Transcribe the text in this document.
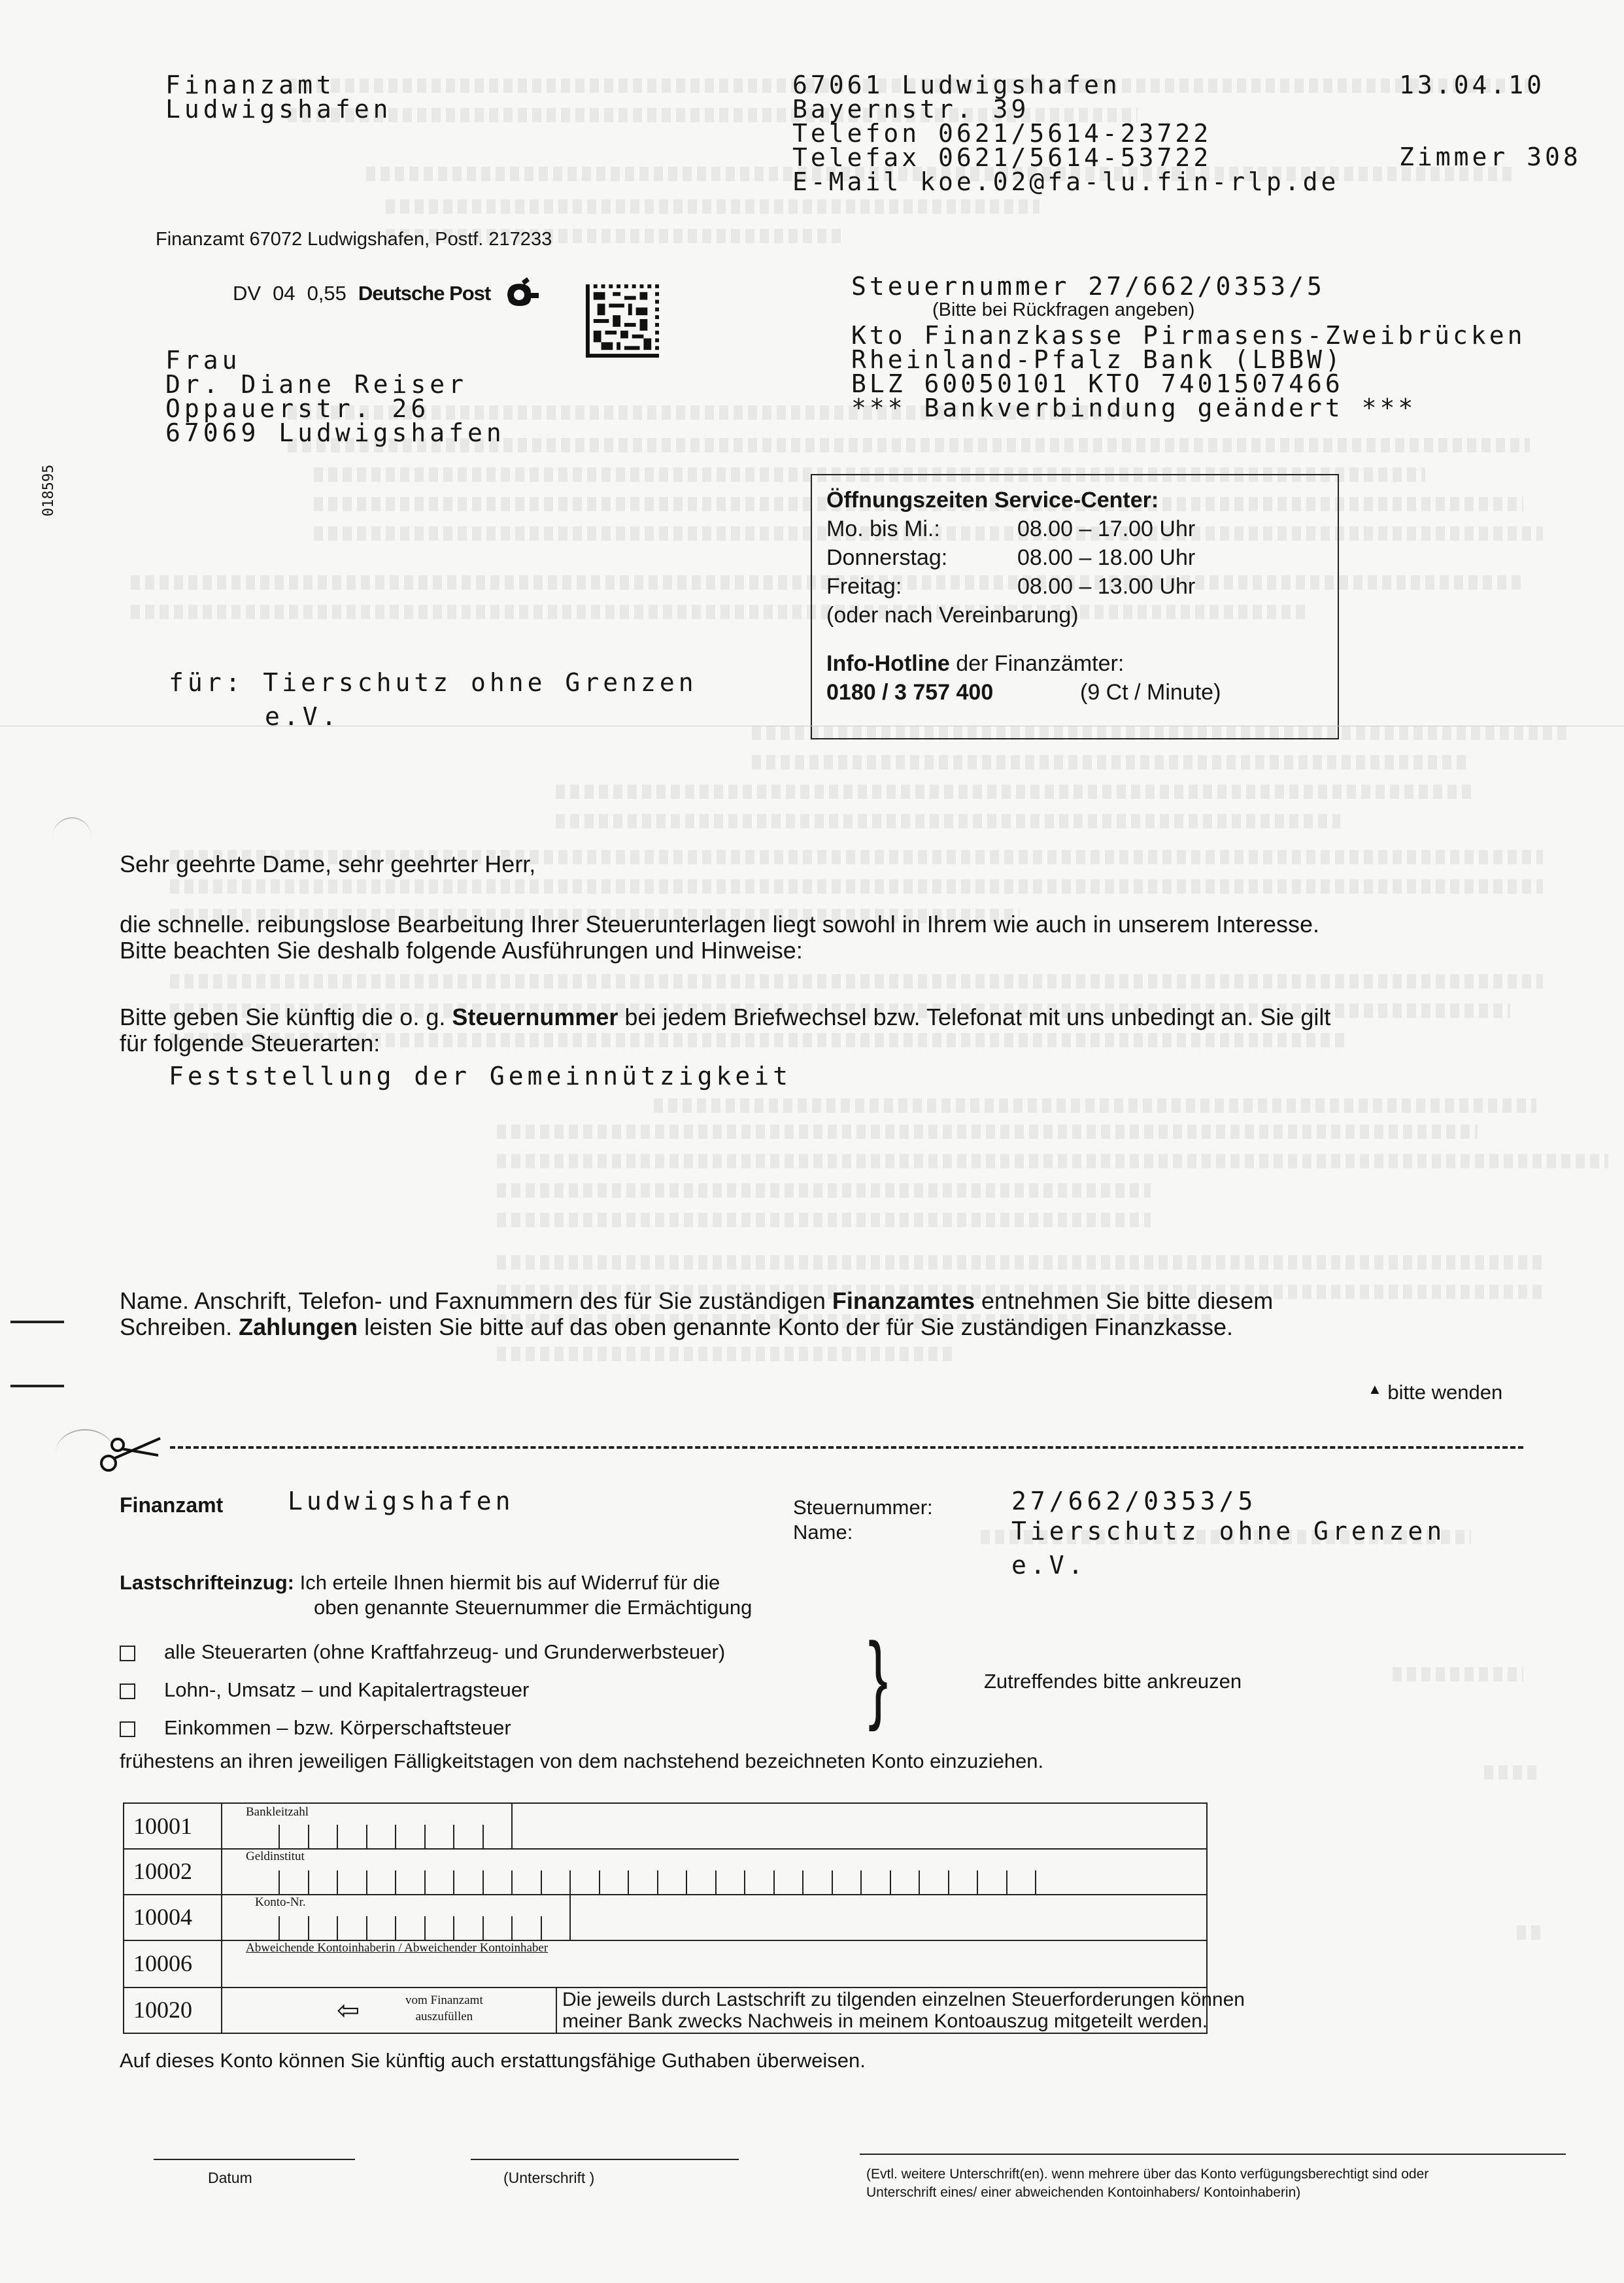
Finanzamt
Ludwigshafen
67061 Ludwigshafen
Bayernstr. 39
Telefon 0621/5614-23722
Telefax 0621/5614-53722
E-Mail koe.02@fa-lu.fin-rlp.de
13.04.10
Zimmer 308
Finanzamt 67072 Ludwigshafen, Postf. 217233
DV 04 0,55 Deutsche Post
018595
Frau
Dr. Diane Reiser
Oppauerstr. 26
67069 Ludwigshafen
Steuernummer 27/662/0353/5
(Bitte bei Rückfragen angeben)
Kto Finanzkasse Pirmasens-Zweibrücken
Rheinland-Pfalz Bank (LBBW)
BLZ 60050101 KTO 7401507466
*** Bankverbindung geändert ***
Öffnungszeiten Service-Center:
Mo. bis Mi.:	08.00 – 17.00 Uhr
Donnerstag:	08.00 – 18.00 Uhr
Freitag:	08.00 – 13.00 Uhr
(oder nach Vereinbarung)
Info-Hotline der Finanzämter:
0180 / 3 757 400	(9 Ct / Minute)
für: Tierschutz ohne Grenzen
e.V.
Sehr geehrte Dame, sehr geehrter Herr,
die schnelle. reibungslose Bearbeitung Ihrer Steuerunterlagen liegt sowohl in Ihrem wie auch in unserem Interesse.
Bitte beachten Sie deshalb folgende Ausführungen und Hinweise:
Bitte geben Sie künftig die o. g. Steuernummer bei jedem Briefwechsel bzw. Telefonat mit uns unbedingt an. Sie gilt
für folgende Steuerarten:
Feststellung der Gemeinnützigkeit
Name. Anschrift, Telefon- und Faxnummern des für Sie zuständigen Finanzamtes entnehmen Sie bitte diesem
Schreiben. Zahlungen leisten Sie bitte auf das oben genannte Konto der für Sie zuständigen Finanzkasse.
▲ bitte wenden
Finanzamt	Ludwigshafen	Steuernummer:
Name:
27/662/0353/5
Tierschutz ohne Grenzen
e.V.
Lastschrifteinzug: Ich erteile Ihnen hiermit bis auf Widerruf für die
oben genannte Steuernummer die Ermächtigung
alle Steuerarten (ohne Kraftfahrzeug- und Grunderwerbsteuer)
Lohn-, Umsatz – und Kapitalertragsteuer
Einkommen – bzw. Körperschaftsteuer	}	Zutreffendes bitte ankreuzen
frühestens an ihren jeweiligen Fälligkeitstagen von dem nachstehend bezeichneten Konto einzuziehen.
10001
Bankleitzahl
10002
Geldinstitut
10004
Konto-Nr.
10006
Abweichende Kontoinhaberin / Abweichender Kontoinhaber
10020	⇦	vom Finanzamt
auszufüllen
Die jeweils durch Lastschrift zu tilgenden einzelnen Steuerforderungen können
meiner Bank zwecks Nachweis in meinem Kontoauszug mitgeteilt werden.
Auf dieses Konto können Sie künftig auch erstattungsfähige Guthaben überweisen.
Datum	(Unterschrift )	(Evtl. weitere Unterschrift(en). wenn mehrere über das Konto verfügungsberechtigt sind oder
Unterschrift eines/ einer abweichenden Kontoinhabers/ Kontoinhaberin)
